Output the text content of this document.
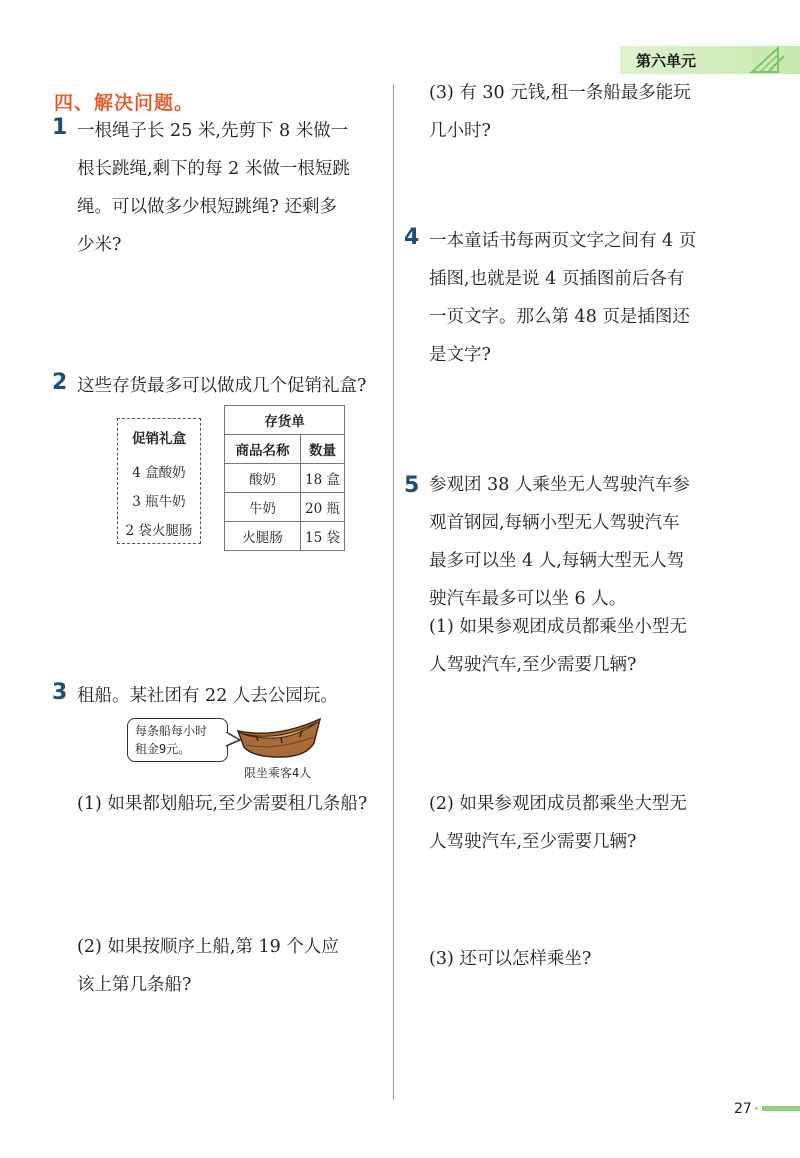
第六单元
四、解决问题。
1 一根绳子长 25 米,先剪下 8 米做一
根长跳绳,剩下的每 2 米做一根短跳
绳。可以做多少根短跳绳? 还剩多
少米?
2 这些存货最多可以做成几个促销礼盒?
促销礼盒
4 盒酸奶
3 瓶牛奶
2 袋火腿肠
存货单	
商品名称	数量
酸奶	18 盒
牛奶	20 瓶
火腿肠	15 袋
3 租船。某社团有 22 人去公园玩。
每条船每小时
租金9元。
限坐乘客4人
(1) 如果都划船玩,至少需要租几条船?
(2) 如果按顺序上船,第 19 个人应
该上第几条船?
(3) 有 30 元钱,租一条船最多能玩
几小时?
4 一本童话书每两页文字之间有 4 页
插图,也就是说 4 页插图前后各有
一页文字。那么第 48 页是插图还
是文字?
5 参观团 38 人乘坐无人驾驶汽车参
观首钢园,每辆小型无人驾驶汽车
最多可以坐 4 人,每辆大型无人驾
驶汽车最多可以坐 6 人。
(1) 如果参观团成员都乘坐小型无
人驾驶汽车,至少需要几辆?
(2) 如果参观团成员都乘坐大型无
人驾驶汽车,至少需要几辆?
(3) 还可以怎样乘坐?
27
